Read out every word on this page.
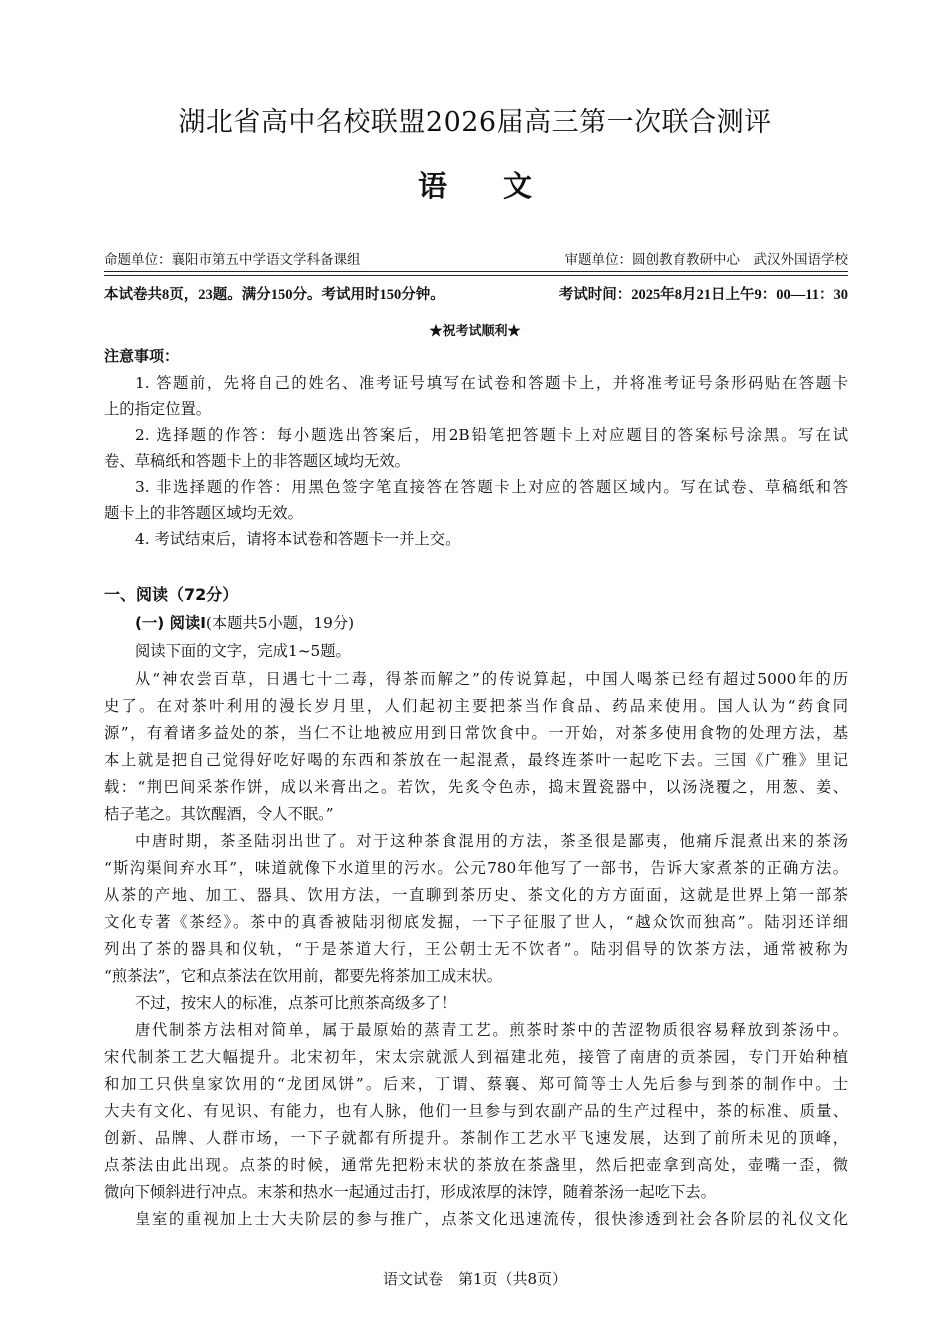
湖北省高中名校联盟2026届高三第一次联合测评
语 文
命题单位：襄阳市第五中学语文学科备课组	审题单位：圆创教育教研中心　武汉外国语学校
本试卷共8页，23题。满分150分。考试用时150分钟。	考试时间：2025年8月21日上午9：00—11：30
★祝考试顺利★
注意事项：
1. 答题前，先将自己的姓名、准考证号填写在试卷和答题卡上，并将准考证号条形码贴在答题卡
上的指定位置。
2. 选择题的作答：每小题选出答案后，用2B铅笔把答题卡上对应题目的答案标号涂黑。写在试
卷、草稿纸和答题卡上的非答题区域均无效。
3. 非选择题的作答：用黑色签字笔直接答在答题卡上对应的答题区域内。写在试卷、草稿纸和答
题卡上的非答题区域均无效。
4. 考试结束后，请将本试卷和答题卡一并上交。
一、阅读（72分）
(一) 阅读Ⅰ(本题共5小题，19分)
阅读下面的文字，完成1~5题。
从“神农尝百草，日遇七十二毒，得茶而解之”的传说算起，中国人喝茶已经有超过5000年的历
史了。在对茶叶利用的漫长岁月里，人们起初主要把茶当作食品、药品来使用。国人认为“药食同
源”，有着诸多益处的茶，当仁不让地被应用到日常饮食中。一开始，对茶多使用食物的处理方法，基
本上就是把自己觉得好吃好喝的东西和茶放在一起混煮，最终连茶叶一起吃下去。三国《广雅》里记
载：“荆巴间采茶作饼，成以米膏出之。若饮，先炙令色赤，捣末置瓷器中，以汤浇覆之，用葱、姜、
桔子芼之。其饮醒酒，令人不眠。”
中唐时期，茶圣陆羽出世了。对于这种茶食混用的方法，茶圣很是鄙夷，他痛斥混煮出来的茶汤
“斯沟渠间弃水耳”，味道就像下水道里的污水。公元780年他写了一部书，告诉大家煮茶的正确方法。
从茶的产地、加工、器具、饮用方法，一直聊到茶历史、茶文化的方方面面，这就是世界上第一部茶
文化专著《茶经》。茶中的真香被陆羽彻底发掘，一下子征服了世人，“越众饮而独高”。陆羽还详细
列出了茶的器具和仪轨，“于是茶道大行，王公朝士无不饮者”。陆羽倡导的饮茶方法，通常被称为
“煎茶法”，它和点茶法在饮用前，都要先将茶加工成末状。
不过，按宋人的标准，点茶可比煎茶高级多了！
唐代制茶方法相对简单，属于最原始的蒸青工艺。煎茶时茶中的苦涩物质很容易释放到茶汤中。
宋代制茶工艺大幅提升。北宋初年，宋太宗就派人到福建北苑，接管了南唐的贡茶园，专门开始种植
和加工只供皇家饮用的“龙团凤饼”。后来，丁谓、蔡襄、郑可简等士人先后参与到茶的制作中。士
大夫有文化、有见识、有能力，也有人脉，他们一旦参与到农副产品的生产过程中，茶的标准、质量、
创新、品牌、人群市场，一下子就都有所提升。茶制作工艺水平飞速发展，达到了前所未见的顶峰，
点茶法由此出现。点茶的时候，通常先把粉末状的茶放在茶盏里，然后把壶拿到高处，壶嘴一歪，微
微向下倾斜进行冲点。末茶和热水一起通过击打，形成浓厚的沫饽，随着茶汤一起吃下去。
皇室的重视加上士大夫阶层的参与推广，点茶文化迅速流传，很快渗透到社会各阶层的礼仪文化
语文试卷　第1页（共8页）
